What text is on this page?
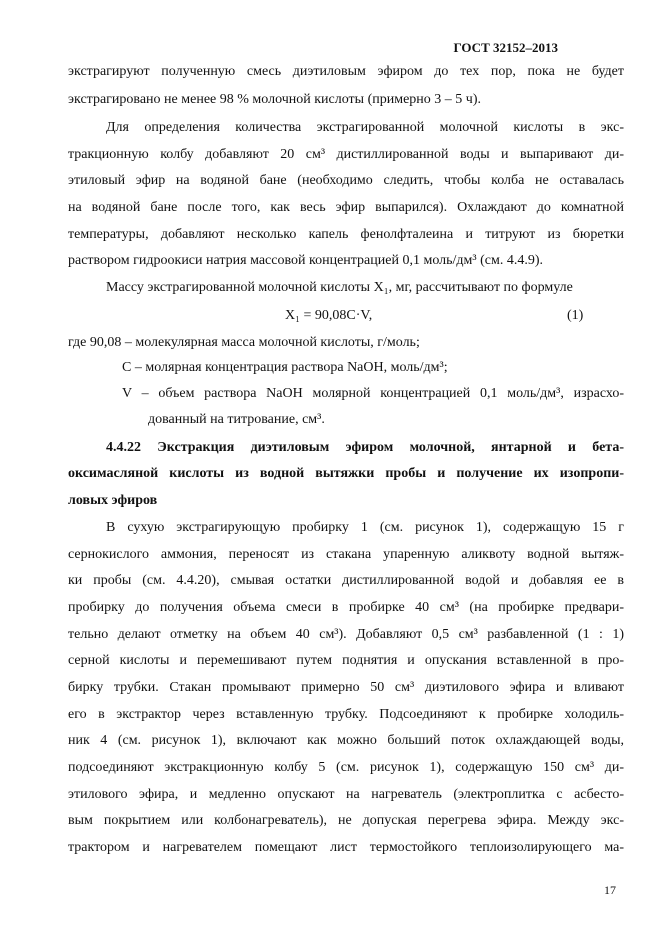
ГОСТ 32152–2013
экстрагируют полученную смесь диэтиловым эфиром до тех пор, пока не будет
экстрагировано не менее 98 % молочной кислоты (примерно 3 – 5 ч).
Для определения количества экстрагированной молочной кислоты в экс-
тракционную колбу добавляют 20 см³ дистиллированной воды и выпаривают ди-
этиловый эфир на водяной бане (необходимо следить, чтобы колба не оставалась
на водяной бане после того, как весь эфир выпарился). Охлаждают до комнатной
температуры, добавляют несколько капель фенолфталеина и титруют из бюретки
раствором гидроокиси натрия массовой концентрацией 0,1 моль/дм³ (см. 4.4.9).
Массу экстрагированной молочной кислоты X₁, мг, рассчитывают по формуле
X₁ = 90,08C·V,	(1)
где 90,08 – молекулярная масса молочной кислоты, г/моль;
C – молярная концентрация раствора NaOH, моль/дм³;
V – объем раствора NaOH молярной концентрацией 0,1 моль/дм³, израсхо-
дованный на титрование, см³.
4.4.22 Экстракция диэтиловым эфиром молочной, янтарной и бета-
оксимасляной кислоты из водной вытяжки пробы и получение их изопропи-
ловых эфиров
В сухую экстрагирующую пробирку 1 (см. рисунок 1), содержащую 15 г
сернокислого аммония, переносят из стакана упаренную аликвоту водной вытяж-
ки пробы (см. 4.4.20), смывая остатки дистиллированной водой и добавляя ее в
пробирку до получения объема смеси в пробирке 40 см³ (на пробирке предвари-
тельно делают отметку на объем 40 см³). Добавляют 0,5 см³ разбавленной (1 : 1)
серной кислоты и перемешивают путем поднятия и опускания вставленной в про-
бирку трубки. Стакан промывают примерно 50 см³ диэтилового эфира и вливают
его в экстрактор через вставленную трубку. Подсоединяют к пробирке холодиль-
ник 4 (см. рисунок 1), включают как можно больший поток охлаждающей воды,
подсоединяют экстракционную колбу 5 (см. рисунок 1), содержащую 150 см³ ди-
этилового эфира, и медленно опускают на нагреватель (электроплитка с асбесто-
вым покрытием или колбонагреватель), не допуская перегрева эфира. Между экс-
трактором и нагревателем помещают лист термостойкого теплоизолирующего ма-
17
